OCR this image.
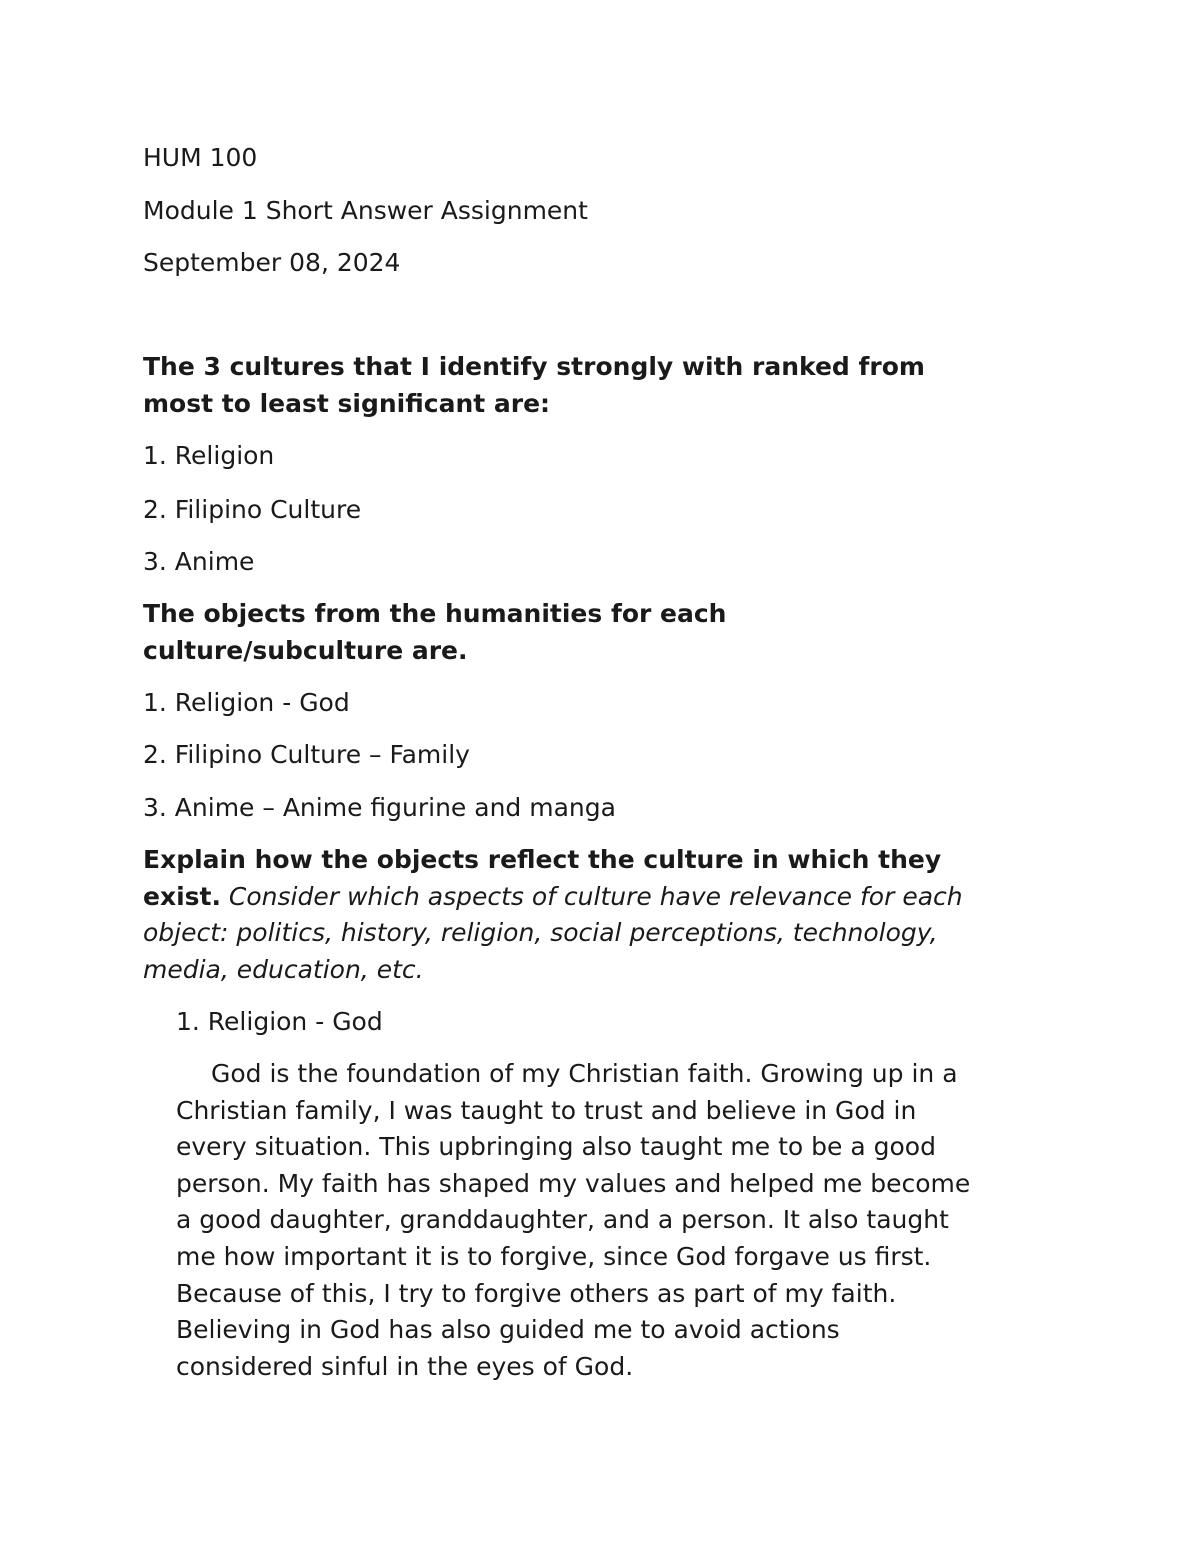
HUM 100
Module 1 Short Answer Assignment
September 08, 2024
The 3 cultures that I identify strongly with ranked from
most to least significant are:
1. Religion
2. Filipino Culture
3. Anime
The objects from the humanities for each
culture/subculture are.
1. Religion - God
2. Filipino Culture – Family
3. Anime – Anime figurine and manga
Explain how the objects reflect the culture in which they
exist. Consider which aspects of culture have relevance for each
object: politics, history, religion, social perceptions, technology,
media, education, etc.
1. Religion - God
God is the foundation of my Christian faith. Growing up in a
Christian family, I was taught to trust and believe in God in
every situation. This upbringing also taught me to be a good
person. My faith has shaped my values and helped me become
a good daughter, granddaughter, and a person. It also taught
me how important it is to forgive, since God forgave us first.
Because of this, I try to forgive others as part of my faith.
Believing in God has also guided me to avoid actions
considered sinful in the eyes of God.
